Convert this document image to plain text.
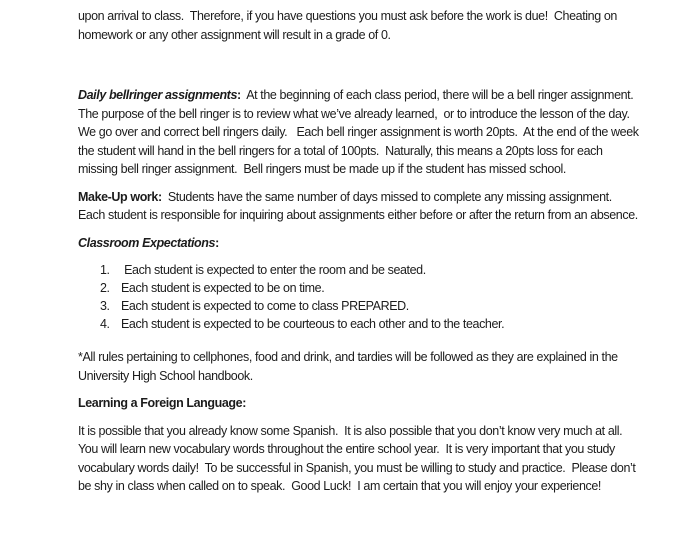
upon arrival to class.  Therefore, if you have questions you must ask before the work is due!  Cheating on homework or any other assignment will result in a grade of 0.

Daily bellringer assignments:  At the beginning of each class period, there will be a bell ringer assignment.  The purpose of the bell ringer is to review what we’ve already learned,  or to introduce the lesson of the day. We go over and correct bell ringers daily.   Each bell ringer assignment is worth 20pts.  At the end of the week the student will hand in the bell ringers for a total of 100pts.  Naturally, this means a 20pts loss for each missing bell ringer assignment.  Bell ringers must be made up if the student has missed school.

Make-Up work:  Students have the same number of days missed to complete any missing assignment.  Each student is responsible for inquiring about assignments either before or after the return from an absence.

Classroom Expectations:

1. Each student is expected to enter the room and be seated.
2. Each student is expected to be on time.
3. Each student is expected to come to class PREPARED.
4. Each student is expected to be courteous to each other and to the teacher.

*All rules pertaining to cellphones, food and drink, and tardies will be followed as they are explained in the University High School handbook.

Learning a Foreign Language:

It is possible that you already know some Spanish.  It is also possible that you don’t know very much at all.  You will learn new vocabulary words throughout the entire school year.  It is very important that you study vocabulary words daily!  To be successful in Spanish, you must be willing to study and practice.  Please don’t be shy in class when called on to speak.  Good Luck!  I am certain that you will enjoy your experience!
